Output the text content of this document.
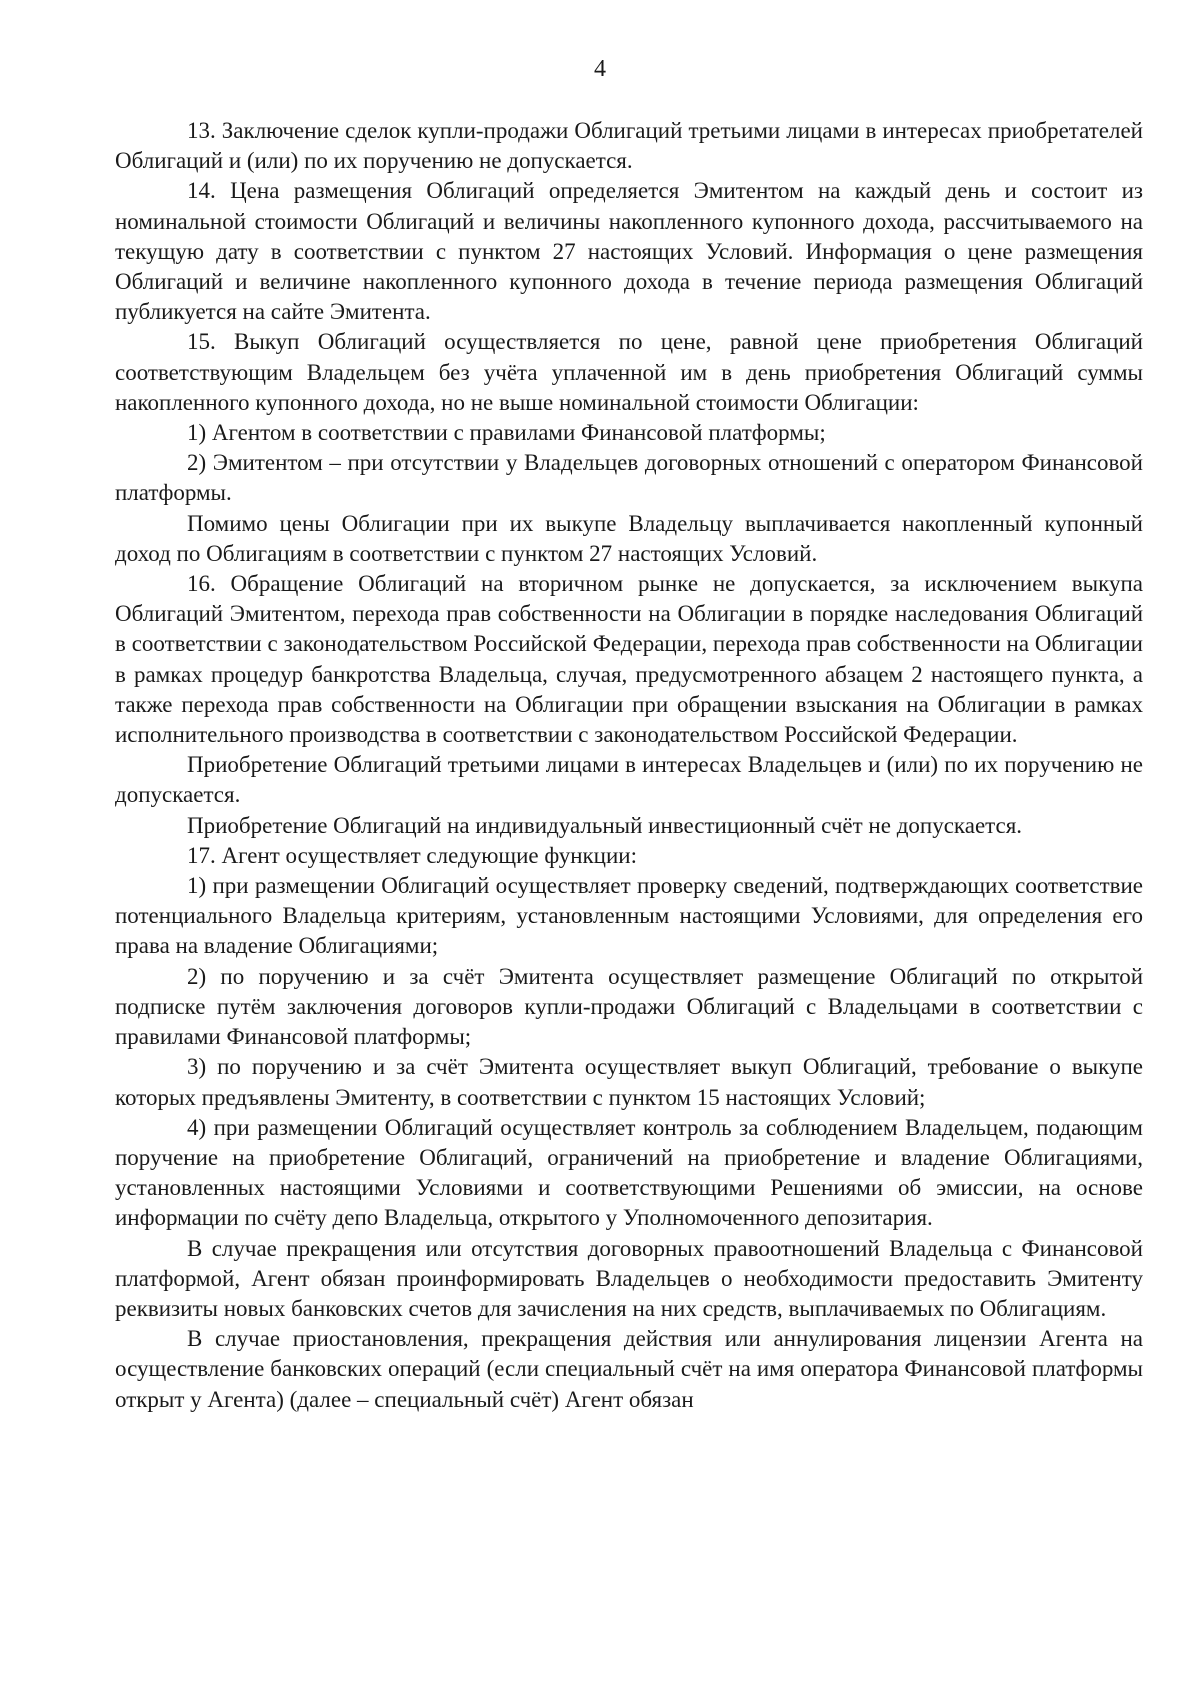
4

13. Заключение сделок купли-продажи Облигаций третьими лицами в интересах приобретателей Облигаций и (или) по их поручению не допускается.

14. Цена размещения Облигаций определяется Эмитентом на каждый день и состоит из номинальной стоимости Облигаций и величины накопленного купонного дохода, рассчитываемого на текущую дату в соответствии с пунктом 27 настоящих Условий. Информация о цене размещения Облигаций и величине накопленного купонного дохода в течение периода размещения Облигаций публикуется на сайте Эмитента.

15. Выкуп Облигаций осуществляется по цене, равной цене приобретения Облигаций соответствующим Владельцем без учёта уплаченной им в день приобретения Облигаций суммы накопленного купонного дохода, но не выше номинальной стоимости Облигации:

1) Агентом в соответствии с правилами Финансовой платформы;

2) Эмитентом – при отсутствии у Владельцев договорных отношений с оператором Финансовой платформы.

Помимо цены Облигации при их выкупе Владельцу выплачивается накопленный купонный доход по Облигациям в соответствии с пунктом 27 настоящих Условий.

16. Обращение Облигаций на вторичном рынке не допускается, за исключением выкупа Облигаций Эмитентом, перехода прав собственности на Облигации в порядке наследования Облигаций в соответствии с законодательством Российской Федерации, перехода прав собственности на Облигации в рамках процедур банкротства Владельца, случая, предусмотренного абзацем 2 настоящего пункта, а также перехода прав собственности на Облигации при обращении взыскания на Облигации в рамках исполнительного производства в соответствии с законодательством Российской Федерации.

Приобретение Облигаций третьими лицами в интересах Владельцев и (или) по их поручению не допускается.

Приобретение Облигаций на индивидуальный инвестиционный счёт не допускается.

17. Агент осуществляет следующие функции:

1) при размещении Облигаций осуществляет проверку сведений, подтверждающих соответствие потенциального Владельца критериям, установленным настоящими Условиями, для определения его права на владение Облигациями;

2) по поручению и за счёт Эмитента осуществляет размещение Облигаций по открытой подписке путём заключения договоров купли-продажи Облигаций с Владельцами в соответствии с правилами Финансовой платформы;

3) по поручению и за счёт Эмитента осуществляет выкуп Облигаций, требование о выкупе которых предъявлены Эмитенту, в соответствии с пунктом 15 настоящих Условий;

4) при размещении Облигаций осуществляет контроль за соблюдением Владельцем, подающим поручение на приобретение Облигаций, ограничений на приобретение и владение Облигациями, установленных настоящими Условиями и соответствующими Решениями об эмиссии, на основе информации по счёту депо Владельца, открытого у Уполномоченного депозитария.

В случае прекращения или отсутствия договорных правоотношений Владельца с Финансовой платформой, Агент обязан проинформировать Владельцев о необходимости предоставить Эмитенту реквизиты новых банковских счетов для зачисления на них средств, выплачиваемых по Облигациям.

В случае приостановления, прекращения действия или аннулирования лицензии Агента на осуществление банковских операций (если специальный счёт на имя оператора Финансовой платформы открыт у Агента) (далее – специальный счёт) Агент обязан
